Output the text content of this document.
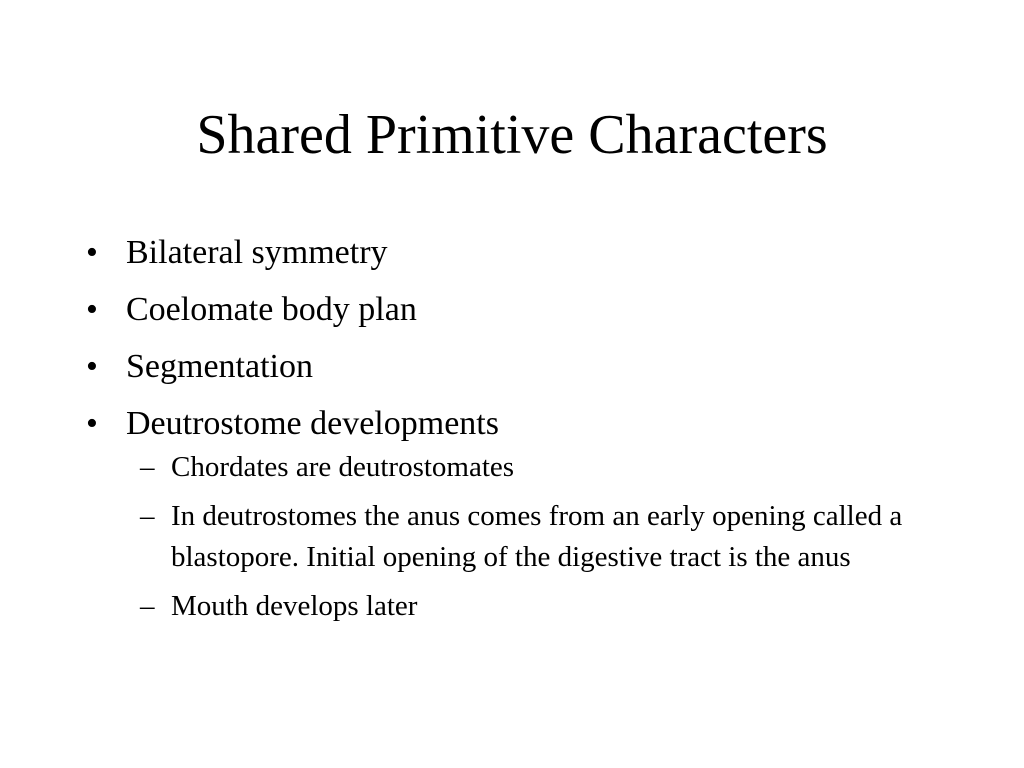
Shared Primitive Characters
• Bilateral symmetry
• Coelomate body plan
• Segmentation
• Deutrostome developments
– Chordates are deutrostomates
– In deutrostomes the anus comes from an early opening called a blastopore. Initial opening of the digestive tract is the anus
– Mouth develops later
